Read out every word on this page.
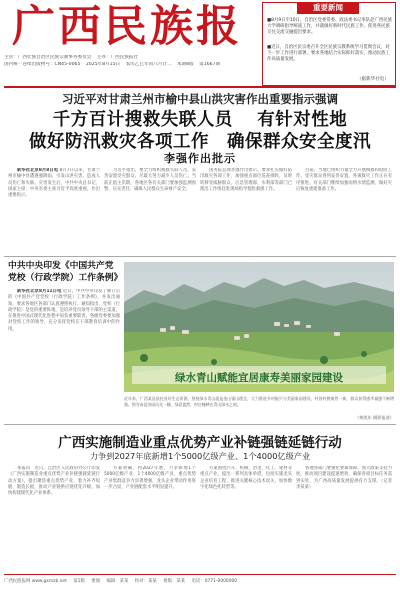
广西民族报
主管：广西壮族自治区民族宗教事务委员会 主办：广西民族报社
国内统一连续出版物号：CN45-0065 2025年8月15日 农历乙巳年闰六月廿二 本期8版 第1667期
重要新闻
■8月9日至10日，自治区党委常委、政法委书记率队赴广西民族大学调研指导统战工作，并就做好新时代民族工作、促进各民族交往交流交融提出要求。
■近日，自治区民宗委召开全区民族宗教系统学习贯彻会议，对下一步工作进行部署，要求各地结合实际抓好落实，推动民族工作高质量发展。
（据新华社电）
习近平对甘肃兰州市榆中县山洪灾害作出重要指示强调
千方百计搜救失联人员　 有针对性地
做好防汛救灾各项工作　确保群众安全度汛
李强作出批示

新华社北京8月8日电 8月7日以来，甘肃兰州市榆中县遭遇强降雨，引发山洪灾害，造成人员伤亡和失联。灾害发生后，中共中央总书记、国家主席、中央军委主席习近平高度重视，作出重要指示。

习近平指出，要全力组织搜救失联人员，妥善安置受灾群众，尽最大努力减少人员伤亡。当前正值主汛期，各地区各有关部门要加强监测预警，压实责任，确保人民群众生命财产安全。

国务院总理李强作出批示，要求扎实做好防汛救灾各项工作，加强重点部位巡查排险，及时转移受威胁群众。应急管理部、水利部等部门已派出工作组赶赴现场指导抢险救援工作。

目前，当地已组织力量全力开展搜救和抢险工作，受灾群众得到妥善安置，各项救灾工作正在有序推进。有关部门继续加强雨情水情监测，做好灾后恢复重建准备工作。

中共中央印发《中国共产党党校（行政学院）工作条例》

新华社北京8月11日电 近日，中共中央印发了修订后的《中国共产党党校（行政学院）工作条例》，并发出通知，要求各地区各部门认真遵照执行。通知指出，党校（行政学院）是党的重要阵地，是培养党员领导干部的主渠道，在推进中国式现代化进程中肩负重要职责。各级党委要加强对党校工作的领导，充分发挥党校在干部教育培训中的作用。

绿水青山赋能宜居康寿美丽家园建设
近年来，广西某县依托良好生态资源，坚持绿水青山就是金山银山理念，大力推进乡村振兴与美丽家园建设，村容村貌焕然一新，群众获得感幸福感不断增强。图为该县田园风光一隅，绿意盎然，村庄掩映在青山绿水之间。
（黄凯年 摄影报道）
广西实施制造业重点优势产业补链强链延链行动
力争到2027年底新增1个5000亿级产业、1个4000亿级产业

本报讯　近日，自治区人民政府办公厅印发《广西实施制造业重点优势产业补链强链延链行动方案》，提出聚焦重点优势产业，着力补齐短板、锻造长板，推动产业链供应链优化升级，加快构建现代化产业体系。

方案明确，到2027年底，力争新增1个5000亿级产业、1个4000亿级产业，重点优势产业集群竞争力显著增强，龙头企业带动作用进一步凸显，产业链配套水平明显提升。

方案围绕汽车、机械、冶金、化工、建材等重点产业，提出一系列具体举措，包括实施龙头企业培育工程、推进关键核心技术攻关、加快数字化绿色化转型等。

各地各部门要强化要素保障，加大政策支持力度，推动项目建设提速增效，确保各项目标任务落到实处，为广西高质量发展提供有力支撑。（记者 李某某）

广西民族报网 www.gxmzb.net 第1版 要闻 编辑：某某 校对：某某 排版：某某 电话：0771-0000000
